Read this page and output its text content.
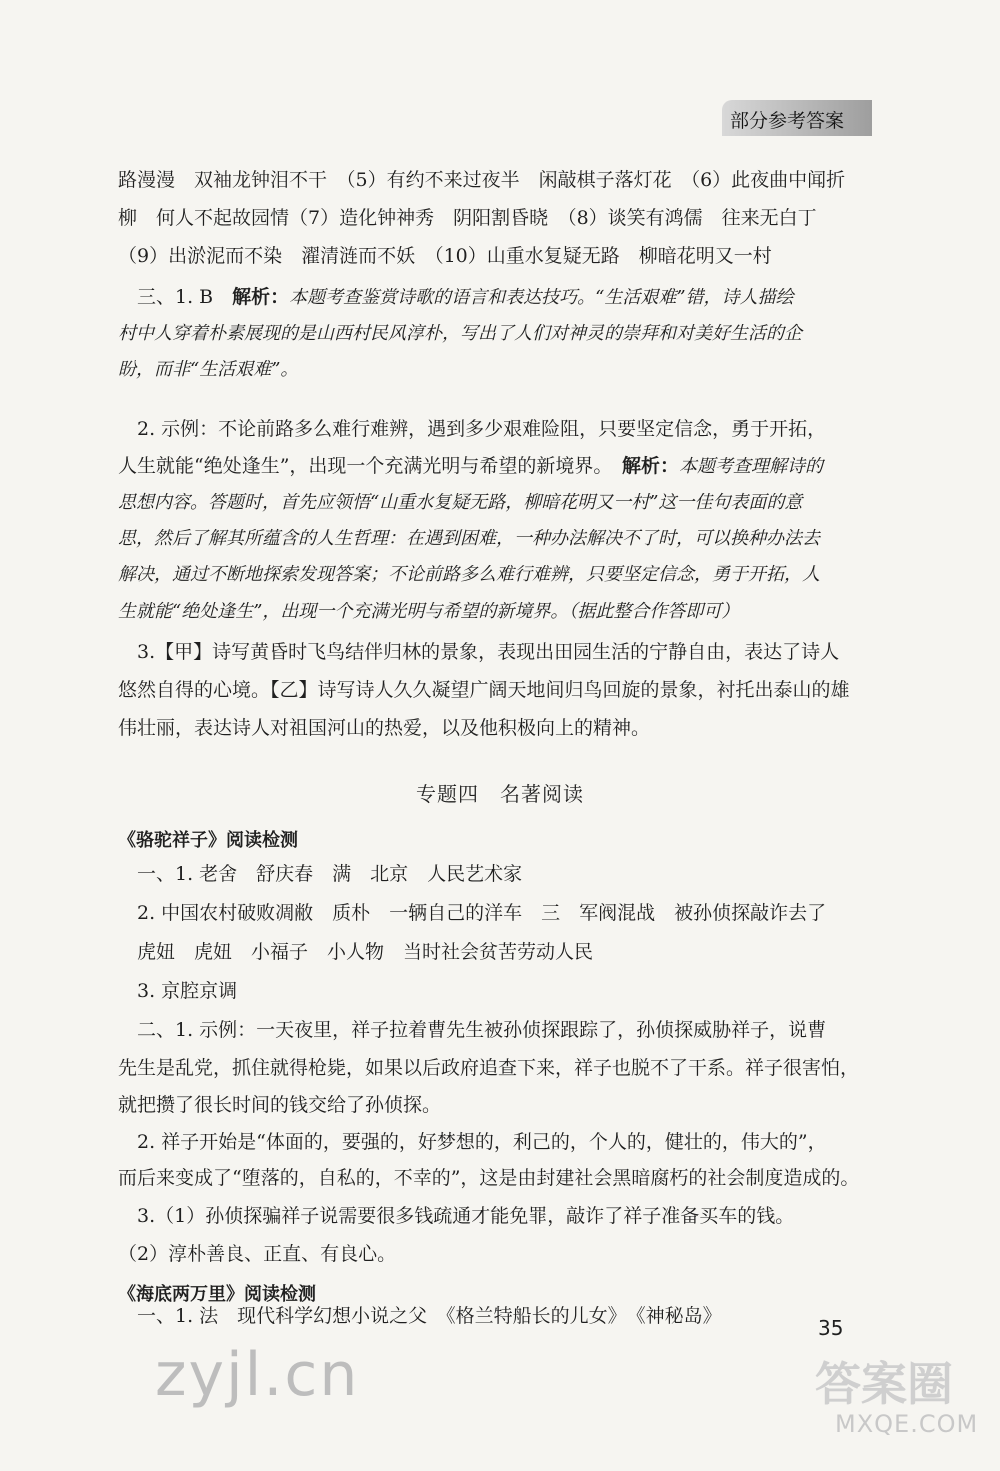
部分参考答案
路漫漫　双袖龙钟泪不干　（5）有约不来过夜半　闲敲棋子落灯花　（6）此夜曲中闻折
柳　何人不起故园情（7）造化钟神秀　阴阳割昏晓　（8）谈笑有鸿儒　往来无白丁
（9）出淤泥而不染　濯清涟而不妖　（10）山重水复疑无路　柳暗花明又一村
　三、1. B　解析：本题考查鉴赏诗歌的语言和表达技巧。“生活艰难”错，诗人描绘
村中人穿着朴素展现的是山西村民风淳朴，写出了人们对神灵的崇拜和对美好生活的企
盼，而非“生活艰难”。
　2. 示例：不论前路多么难行难辨，遇到多少艰难险阻，只要坚定信念，勇于开拓，
人生就能“绝处逢生”，出现一个充满光明与希望的新境界。　解析：本题考查理解诗的
思想内容。答题时，首先应领悟“山重水复疑无路，柳暗花明又一村”这一佳句表面的意
思，然后了解其所蕴含的人生哲理：在遇到困难，一种办法解决不了时，可以换种办法去
解决，通过不断地探索发现答案；不论前路多么难行难辨，只要坚定信念，勇于开拓，人
生就能“绝处逢生”，出现一个充满光明与希望的新境界。（据此整合作答即可）
　3.【甲】诗写黄昏时飞鸟结伴归林的景象，表现出田园生活的宁静自由，表达了诗人
悠然自得的心境。【乙】诗写诗人久久凝望广阔天地间归鸟回旋的景象，衬托出泰山的雄
伟壮丽，表达诗人对祖国河山的热爱，以及他积极向上的精神。
专题四　名著阅读
《骆驼祥子》阅读检测
　一、1. 老舍　舒庆春　满　北京　人民艺术家
　2. 中国农村破败凋敝　质朴　一辆自己的洋车　三　军阀混战　被孙侦探敲诈去了
　虎妞　虎妞　小福子　小人物　当时社会贫苦劳动人民
　3. 京腔京调
　二、1. 示例：一天夜里，祥子拉着曹先生被孙侦探跟踪了，孙侦探威胁祥子，说曹
先生是乱党，抓住就得枪毙，如果以后政府追查下来，祥子也脱不了干系。祥子很害怕，
就把攒了很长时间的钱交给了孙侦探。
　2. 祥子开始是“体面的，要强的，好梦想的，利己的，个人的，健壮的，伟大的”，
而后来变成了“堕落的，自私的，不幸的”，这是由封建社会黑暗腐朽的社会制度造成的。
　3.（1）孙侦探骗祥子说需要很多钱疏通才能免罪，敲诈了祥子准备买车的钱。
（2）淳朴善良、正直、有良心。
《海底两万里》阅读检测
　一、1. 法　现代科学幻想小说之父　《格兰特船长的儿女》　《神秘岛》	35
zyjl.cn	答案圈
MXQE.COM
